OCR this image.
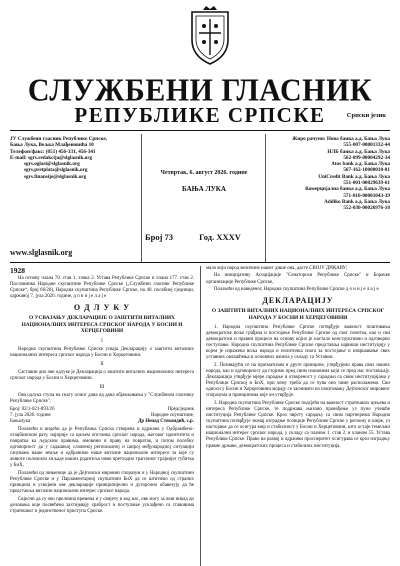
СЛУЖБЕНИ ГЛАСНИК
РЕПУБЛИКЕ СРПСКЕ	Српски језик
ЈУ Службени гласник Републике Српске,
Бања Лука, Вељка Млађеновића 10
Телефон/факс: (051) 456-331, 456-341
E-mail: sgrs.redakcija@slglasnik.org
sgrs.oglasi@slglasnik.org
sgrs.pretplata@slglasnik.org
sgrs.finansije@slglasnik.org
www.slglasnik.org
Четвртак, 6. август 2026. године
БАЊА ЛУКА
Број 73	Год. XXXV
Жиро рачуни: Нова банка а.д. Бања Лука
555-007-00001332-44
НЛБ банка а.д. Бања Лука
562-099-00004292-34
Atos bank а.д. Бања Лука
567-162-10000010-81
UniCredit Bank а.д. Бања Лука
551-001-00029639-61
Комерцијална банка а.д. Бања Лука
571-010-00001043-39
Addiko Bank а.д. Бања Лука
552-030-00026976-18
1928

На основу члана 70. став 1. тачка 2. Устава Републике Српске и члана 177. став 2. Пословника Народне скупштине Републике Српске („Службени гласник Републике Српске“, број 66/20), Народна скупштина Републике Српске, на 40. посебној сједници, одржаној 7. јула 2026. године, д о н и ј е л а ј е

О Д Л У К У
О УСВАЈАЊУ ДЕКЛАРАЦИЈЕ О ЗАШТИТИ ВИТАЛНИХ НАЦИОНАЛНИХ ИНТЕРЕСА СРПСКОГ НАРОДА У БОСНИ И ХЕРЦЕГОВИНИ
I

Народна скупштина Републике Српске усваја Декларацију о заштити виталних националних интереса српског народа у Босни и Херцеговини.

II

Саставни дио ове одлуке је Декларација о заштити виталних националних интереса српског народа у Босни и Херцеговини.

III

Ова одлука ступа на снагу осмог дана од дана објављивања у "Службеном гласнику Републике Српске".

Број: 02/1-021-893/26
7. јула 2026. године
Бањалука
Предсједник
Народне скупштине,
Др Ненад Стевандић, с.р.

Полазећи и видећи да је Република Српска створена и одржана у Одбрамбено-отаџбинском рату, најприје са циљем опстанка српског народа, његовог идентитета и повратка ка људским правима, имовини и праву на повратак, и потом посебну одговорност да у садашњој сложеној регионалној и широј међународној ситуацији сачувамо наше земље и одбранимо наше виталне националне интересе за које су животе положили хиљаде наших родитеља чиме претходно трагичног трајнијег губитка у БиХ,

Полазећи од чињенице да је Дејтонски мировни споразум и у Народној скупштини Републике Српске и у Парламентарној скупштини БиХ да се штитимо од страних принципа и усвојени ове декларације принципијелно и дугорочно обавезују да ће представља витални национални интерес српског народа.

Свјесни да су ово преломна времена и у свијету и код нас, ове могу за жив никад до деловања које посвећено захтијевају храброст и поступање усклађено са ставовима стратешког и јединственог приступа Српске.

мало који народ величине нашег дише она, дасте СВОЈУ ДРЖАВУ;

На иницијативу Асоцијације "Сенаторски Републике Српске" и Борачке организације Републике Српске,

Полазећи од наведеног, Народна скупштина Републике Српске д о н и ј е л а ј е

ДЕКЛАРАЦИЈУ
О ЗАШТИТИ ВИТАЛНИХ НАЦИОНАЛНИХ ИНТЕРЕСА СРПСКОГ НАРОДА У БОСНИ И ХЕРЦЕГОВИНИ

1. Народна скупштина Републике Српске потврђује важност поштовања демократске воље грађана и постојање Републике Српске од свог почетка, као и сви демократски и правни процеси на основу којих је настало конструктивно и одговорно поступање. Народна скупштина Републике Српске представља највиши институцију у којем је изражена воља народа и политичка снага за постојање и извршавање свих уставних овлашћења и основних начела у складу са Уставом.

2. Позивајући се на прагматизам и друге принципе, утврђујемо права свих наших народа, као и одговорност да стојимо пред свим изазовима који се пред нас постављају. Декларација утврђује мјере сарадње и отвореност у сарадњи са свим институцијама у Републици Српској и БиХ, при чему треба да се чува оно чиме располажемо. Сви односи у Босни и Херцеговини морају се заснивати на поштовању Дејтонског мировног споразума и принципима које он утврђује.

3. Народна скупштина Републике Српске подсјећа на важност стратешких циљева и интереса Републике Српске, те подржава њихово провођење уз пуно учешће институција Републике Српске. Кроз чврсту сарадњу са свим партнерима Народна скупштина потврђује значај изградње позиције Републике Српске у региону и шире, уз настојање да се осигура мир и стабилност у Босни и Херцеговини, што остаје темељни национални интерес српског народа, у складу са чланом 1. став 2. и чланом 55. Устава Републике Српске. Право на развој и одрживи просперитет осигурава се кроз изградњу правне државе, демократских процеса и стабилних институција.
